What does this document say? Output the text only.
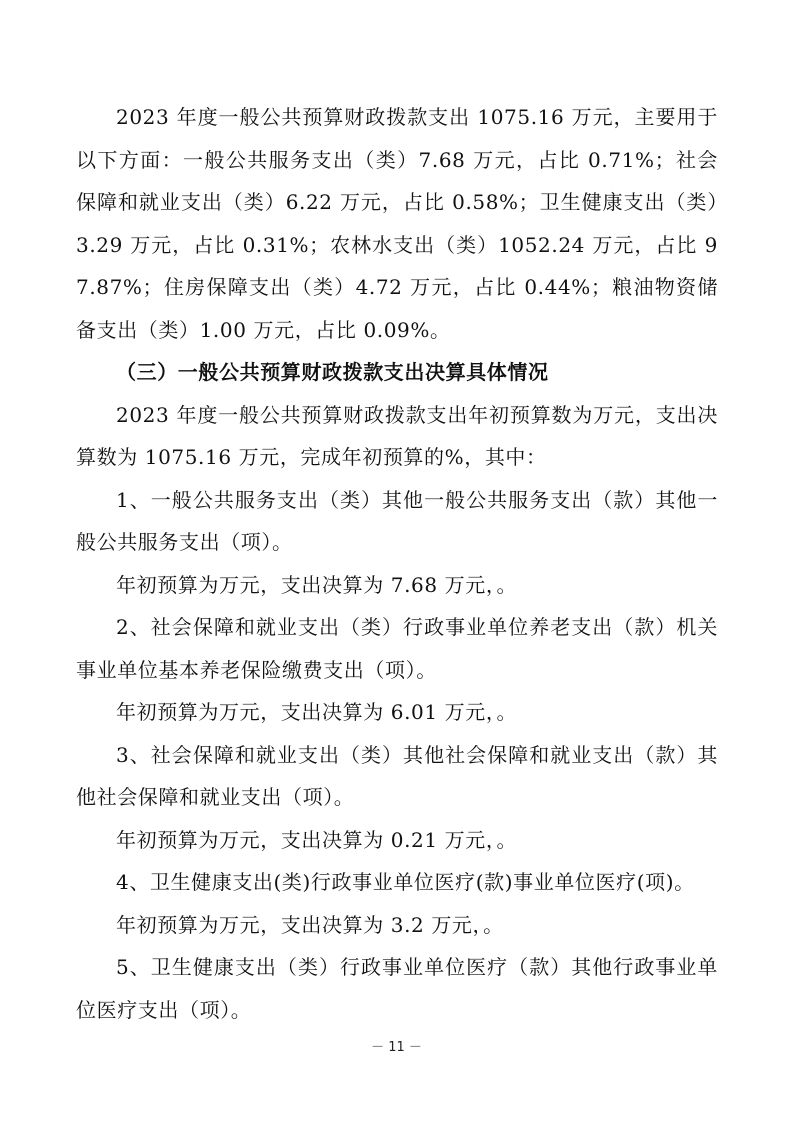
2023 年度一般公共预算财政拨款支出 1075.16 万元，主要用于以下方面：一般公共服务支出（类）7.68 万元，占比 0.71%；社会保障和就业支出（类）6.22 万元，占比 0.58%；卫生健康支出（类）3.29 万元，占比 0.31%；农林水支出（类）1052.24 万元，占比 97.87%；住房保障支出（类）4.72 万元，占比 0.44%；粮油物资储备支出（类）1.00 万元，占比 0.09%。

（三）一般公共预算财政拨款支出决算具体情况

2023 年度一般公共预算财政拨款支出年初预算数为万元，支出决算数为 1075.16 万元，完成年初预算的%，其中：

1、一般公共服务支出（类）其他一般公共服务支出（款）其他一般公共服务支出（项）。

年初预算为万元，支出决算为 7.68 万元，。

2、社会保障和就业支出（类）行政事业单位养老支出（款）机关事业单位基本养老保险缴费支出（项）。

年初预算为万元，支出决算为 6.01 万元，。

3、社会保障和就业支出（类）其他社会保障和就业支出（款）其他社会保障和就业支出（项）。

年初预算为万元，支出决算为 0.21 万元，。

4、卫生健康支出(类)行政事业单位医疗(款)事业单位医疗(项)。

年初预算为万元，支出决算为 3.2 万元，。

5、卫生健康支出（类）行政事业单位医疗（款）其他行政事业单位医疗支出（项）。

－ 11 －
